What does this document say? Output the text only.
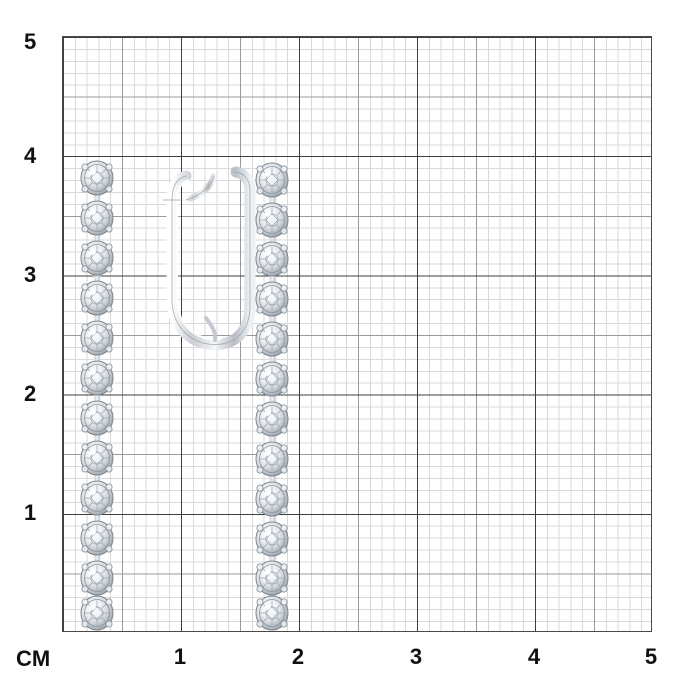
1	2	3	4	5
1
2
3
4
5
CM
